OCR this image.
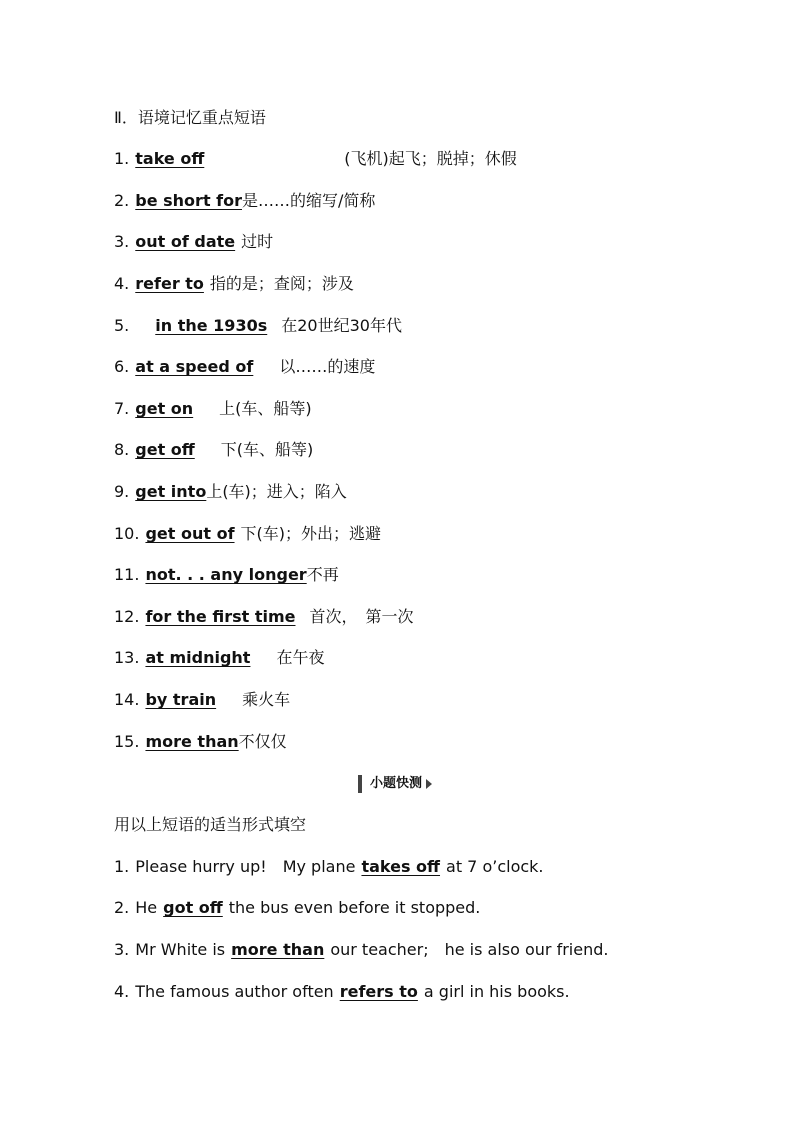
Ⅱ．语境记忆重点短语
1. take off	(飞机)起飞；脱掉；休假
2. be short for是……的缩写/简称
3. out of date 过时
4. refer to 指的是；查阅；涉及
5. in the 1930s 在20世纪30年代
6. at a speed of 以……的速度
7. get on 上(车、船等)
8. get off 下(车、船等)
9. get into上(车)；进入；陷入
10. get out of 下(车)；外出；逃避
11. not. . . any longer不再
12. for the first time 首次，　第一次
13. at midnight 在午夜
14. by train 乘火车
15. more than不仅仅
小题快测
用以上短语的适当形式填空
1. Please hurry up!　My plane takes off at 7 o’clock.
2. He got off the bus even before it stopped.
3. Mr White is more than our teacher;　he is also our friend.
4. The famous author often refers to a girl in his books.
